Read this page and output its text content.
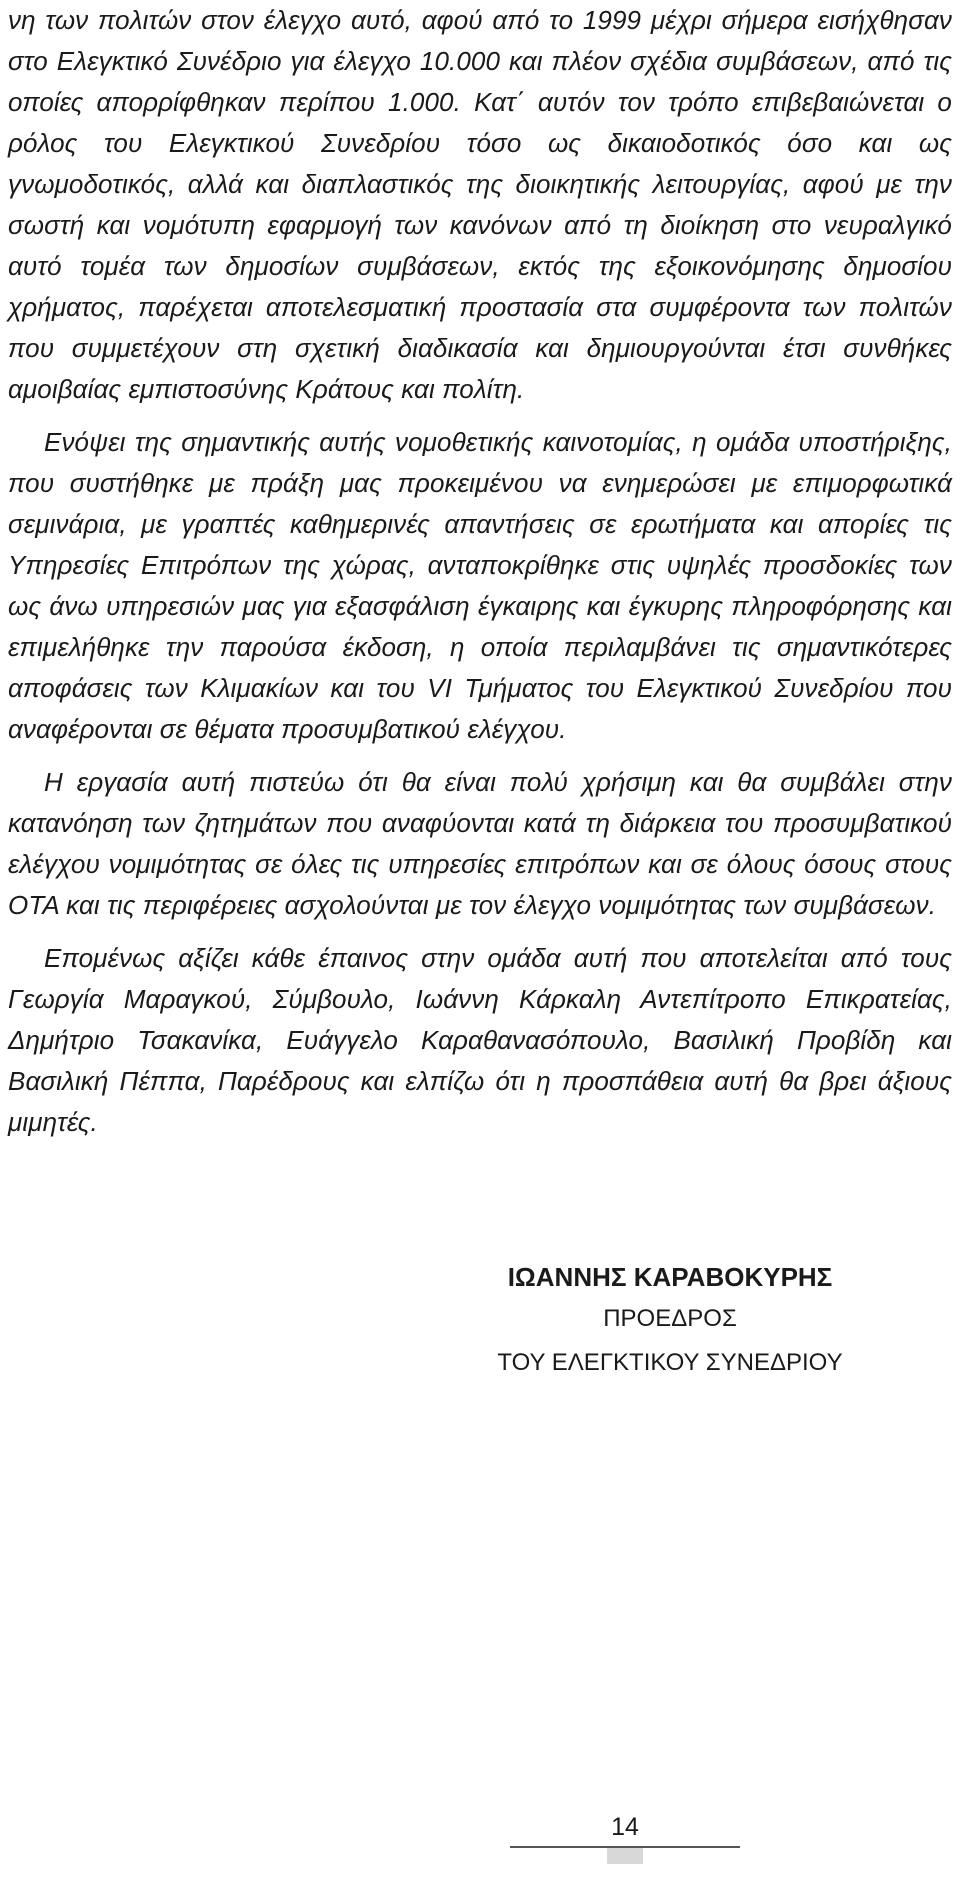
νη των πολιτών στον έλεγχο αυτό, αφού από το 1999 μέχρι σήμερα εισήχθησαν στο Ελεγκτικό Συνέδριο για έλεγχο 10.000 και πλέον σχέδια συμβάσεων, από τις οποίες απορρίφθηκαν περίπου 1.000. Κατ΄ αυτόν τον τρόπο επιβεβαιώνεται ο ρόλος του Ελεγκτικού Συνεδρίου τόσο ως δικαιοδοτικός όσο και ως γνωμοδοτικός, αλλά και διαπλαστικός της διοικητικής λειτουργίας, αφού με την σωστή και νομότυπη εφαρμογή των κανόνων από τη διοίκηση στο νευραλγικό αυτό τομέα των δημοσίων συμβάσεων, εκτός της εξοικονόμησης δημοσίου χρήματος, παρέχεται αποτελεσματική προστασία στα συμφέροντα των πολιτών που συμμετέχουν στη σχετική διαδικασία και δημιουργούνται έτσι συνθήκες αμοιβαίας εμπιστοσύνης Κράτους και πολίτη.

Ενόψει της σημαντικής αυτής νομοθετικής καινοτομίας, η ομάδα υποστήριξης, που συστήθηκε με πράξη μας προκειμένου να ενημερώσει με επιμορφωτικά σεμινάρια, με γραπτές καθημερινές απαντήσεις σε ερωτήματα και απορίες τις Υπηρεσίες Επιτρόπων της χώρας, ανταποκρίθηκε στις υψηλές προσδοκίες των ως άνω υπηρεσιών μας για εξασφάλιση έγκαιρης και έγκυρης πληροφόρησης και επιμελήθηκε την παρούσα έκδοση, η οποία περιλαμβάνει τις σημαντικότερες αποφάσεις των Κλιμακίων και του VI Τμήματος του Ελεγκτικού Συνεδρίου που αναφέρονται σε θέματα προσυμβατικού ελέγχου.

Η εργασία αυτή πιστεύω ότι θα είναι πολύ χρήσιμη και θα συμβάλει στην κατανόηση των ζητημάτων που αναφύονται κατά τη διάρκεια του προσυμβατικού ελέγχου νομιμότητας σε όλες τις υπηρεσίες επιτρόπων και σε όλους όσους στους ΟΤΑ και τις περιφέρειες ασχολούνται με τον έλεγχο νομιμότητας των συμβάσεων.

Επομένως αξίζει κάθε έπαινος στην ομάδα αυτή που αποτελείται από τους Γεωργία Μαραγκού, Σύμβουλο, Ιωάννη Κάρκαλη Αντεπίτροπο Επικρατείας, Δημήτριο Τσακανίκα, Ευάγγελο Καραθανασόπουλο, Βασιλική Προβίδη και Βασιλική Πέππα, Παρέδρους και ελπίζω ότι η προσπάθεια αυτή θα βρει άξιους μιμητές.

ΙΩΑΝΝΗΣ ΚΑΡΑΒΟΚΥΡΗΣ
ΠΡΟΕΔΡΟΣ
ΤΟΥ ΕΛΕΓΚΤΙΚΟΥ ΣΥΝΕΔΡΙΟΥ
14
